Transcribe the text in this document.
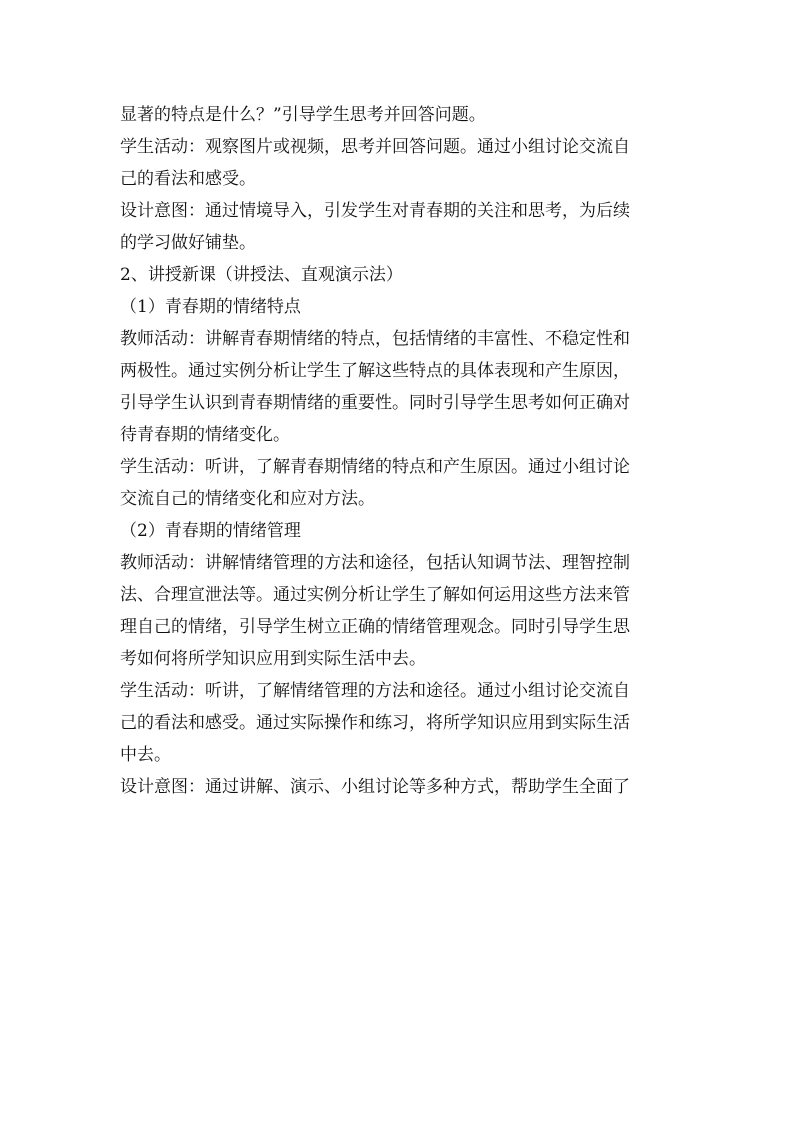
显著的特点是什么？”引导学生思考并回答问题。
学生活动：观察图片或视频，思考并回答问题。通过小组讨论交流自
己的看法和感受。
设计意图：通过情境导入，引发学生对青春期的关注和思考，为后续
的学习做好铺垫。
2、讲授新课（讲授法、直观演示法）
（1）青春期的情绪特点
教师活动：讲解青春期情绪的特点，包括情绪的丰富性、不稳定性和
两极性。通过实例分析让学生了解这些特点的具体表现和产生原因，
引导学生认识到青春期情绪的重要性。同时引导学生思考如何正确对
待青春期的情绪变化。
学生活动：听讲，了解青春期情绪的特点和产生原因。通过小组讨论
交流自己的情绪变化和应对方法。
（2）青春期的情绪管理
教师活动：讲解情绪管理的方法和途径，包括认知调节法、理智控制
法、合理宣泄法等。通过实例分析让学生了解如何运用这些方法来管
理自己的情绪，引导学生树立正确的情绪管理观念。同时引导学生思
考如何将所学知识应用到实际生活中去。
学生活动：听讲，了解情绪管理的方法和途径。通过小组讨论交流自
己的看法和感受。通过实际操作和练习，将所学知识应用到实际生活
中去。
设计意图：通过讲解、演示、小组讨论等多种方式，帮助学生全面了
